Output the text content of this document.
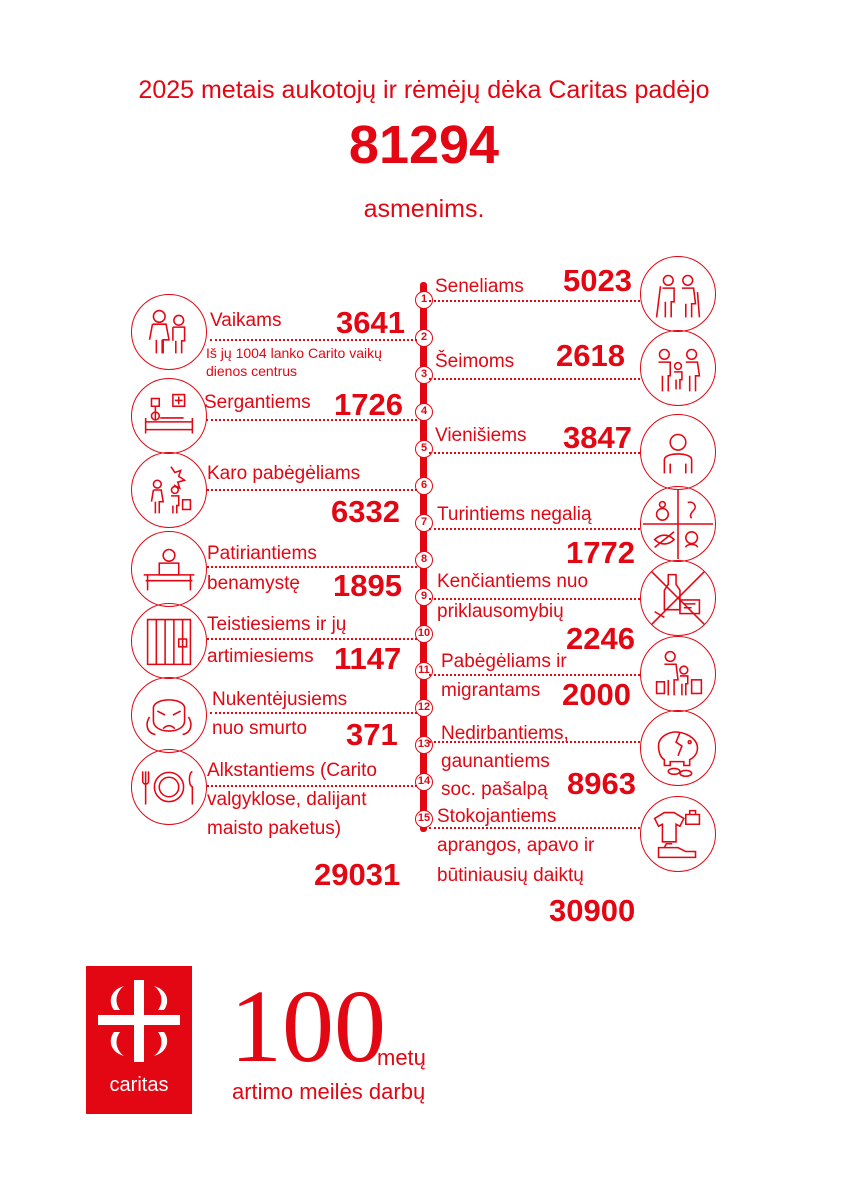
2025 metais aukotojų ir rėmėjų dėka Caritas padėjo
81294
asmenims.
1
2
3
4
5
6
7
8
9
10
11
12
13
14
15
Vaikams 3641
Iš jų 1004 lanko Carito vaikų
dienos centrus
Sergantiems 1726
Karo pabėgėliams
6332
Patiriantiems
benamystę 1895
Teistiesiems ir jų
artimiesiems 1147
Nukentėjusiems
nuo smurto 371
Alkstantiems (Carito
valgyklose, dalijant
maisto paketus)
29031
Seneliams 5023
Šeimoms 2618
Vienišiems 3847
Turintiems negalią
1772
Kenčiantiems nuo
priklausomybių
2246
Pabėgėliams ir
migrantams 2000
Nedirbantiems,
gaunantiems
soc. pašalpą 8963
Stokojantiems
aprangos, apavo ir
būtiniausių daiktų
30900
caritas
100
metų
artimo meilės darbų
